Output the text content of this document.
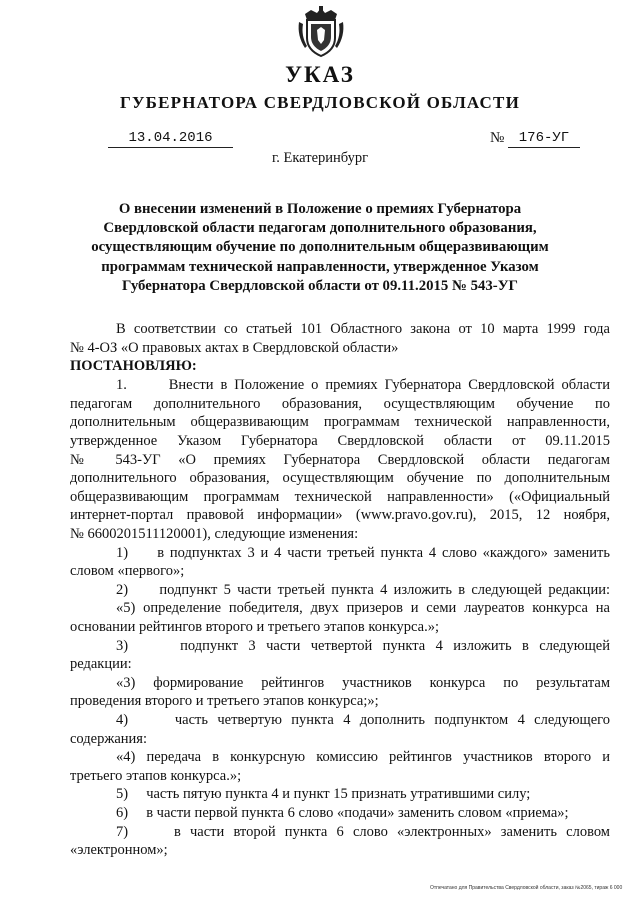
УКАЗ
ГУБЕРНАТОРА СВЕРДЛОВСКОЙ ОБЛАСТИ
13.04.2016	№	176-УГ
г. Екатеринбург
О внесении изменений в Положение о премиях Губернатора
Свердловской области педагогам дополнительного образования,
осуществляющим обучение по дополнительным общеразвивающим
программам технической направленности, утвержденное Указом
Губернатора Свердловской области от 09.11.2015 № 543-УГ
В соответствии со статьей 101 Областного закона от 10 марта 1999 года
№ 4-ОЗ «О правовых актах в Свердловской области»
ПОСТАНОВЛЯЮ:
1.      Внести в Положение о премиях Губернатора Свердловской области
педагогам дополнительного образования, осуществляющим обучение по
дополнительным общеразвивающим программам технической направленности,
утвержденное Указом Губернатора Свердловской области от 09.11.2015
№ 543-УГ «О премиях Губернатора Свердловской области педагогам
дополнительного образования, осуществляющим обучение по дополнительным
общеразвивающим программам технической направленности» («Официальный
интернет-портал правовой информации» (www.pravo.gov.ru), 2015, 12 ноября,
№ 6600201511120001), следующие изменения:
1)     в подпунктах 3 и 4 части третьей пункта 4 слово «каждого» заменить
словом «первого»;
2)     подпункт 5 части третьей пункта 4 изложить в следующей редакции:
«5) определение победителя, двух призеров и семи лауреатов конкурса на
основании рейтингов второго и третьего этапов конкурса.»;
3)     подпункт 3 части четвертой пункта 4 изложить в следующей
редакции:
«3) формирование рейтингов участников конкурса по результатам
проведения второго и третьего этапов конкурса;»;
4)     часть четвертую пункта 4 дополнить подпунктом 4 следующего
содержания:
«4) передача в конкурсную комиссию рейтингов участников второго и
третьего этапов конкурса.»;
5)     часть пятую пункта 4 и пункт 15 признать утратившими силу;
6)     в части первой пункта 6 слово «подачи» заменить словом «приема»;
7)     в части второй пункта 6 слово «электронных» заменить словом
«электронном»;
Отпечатано для Правительства Свердловской области, заказ №2065, тираж 6 000
